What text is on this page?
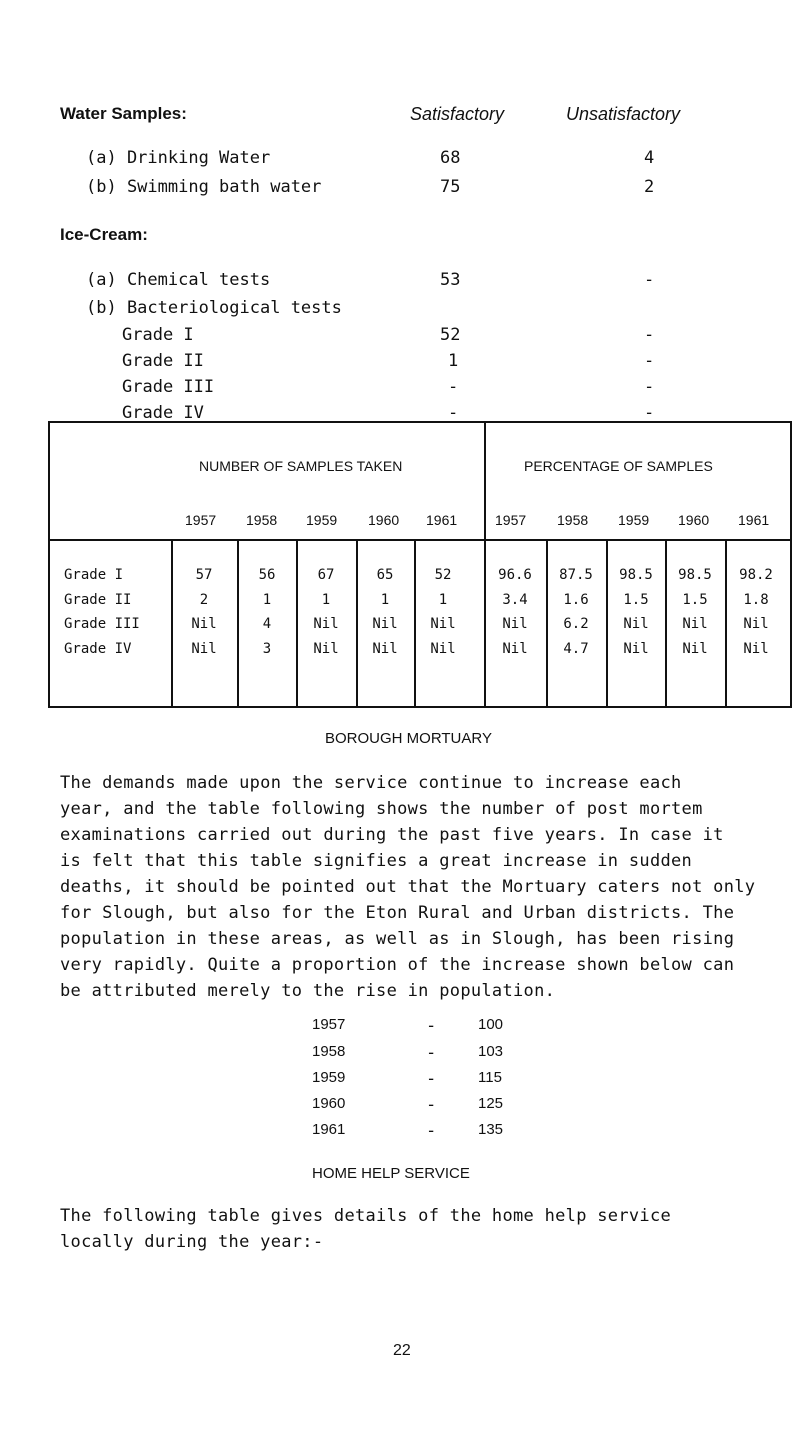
Water Samples:	Satisfactory	Unsatisfactory
(a) Drinking Water	68	4
(b) Swimming bath water	75	2
Ice-Cream:
(a) Chemical tests	53	-
(b) Bacteriological tests
Grade I	52	-
Grade II	1	-
Grade III	-	-
Grade IV	-	-
NUMBER OF SAMPLES TAKEN	PERCENTAGE OF SAMPLES
1957 1958 1959 1960 1961	1957 1958 1959 1960 1961
Grade I	57	56	67	65	52	96.6	87.5	98.5	98.5	98.2
Grade II	2	1	1	1	1	3.4	1.6	1.5	1.5	1.8
Grade III	Nil	4	Nil	Nil	Nil	Nil	6.2	Nil	Nil	Nil
Grade IV	Nil	3	Nil	Nil	Nil	Nil	4.7	Nil	Nil	Nil
BOROUGH MORTUARY

The demands made upon the service continue to increase each

year, and the table following shows the number of post mortem

examinations carried out during the past five years. In case it

is felt that this table signifies a great increase in sudden

deaths, it should be pointed out that the Mortuary caters not only

for Slough, but also for the Eton Rural and Urban districts. The

population in these areas, as well as in Slough, has been rising

very rapidly. Quite a proportion of the increase shown below can

be attributed merely to the rise in population.

1957	-	100
1958	-	103
1959	-	115
1960	-	125
1961	-	135
HOME HELP SERVICE

The following table gives details of the home help service

locally during the year:-

22
